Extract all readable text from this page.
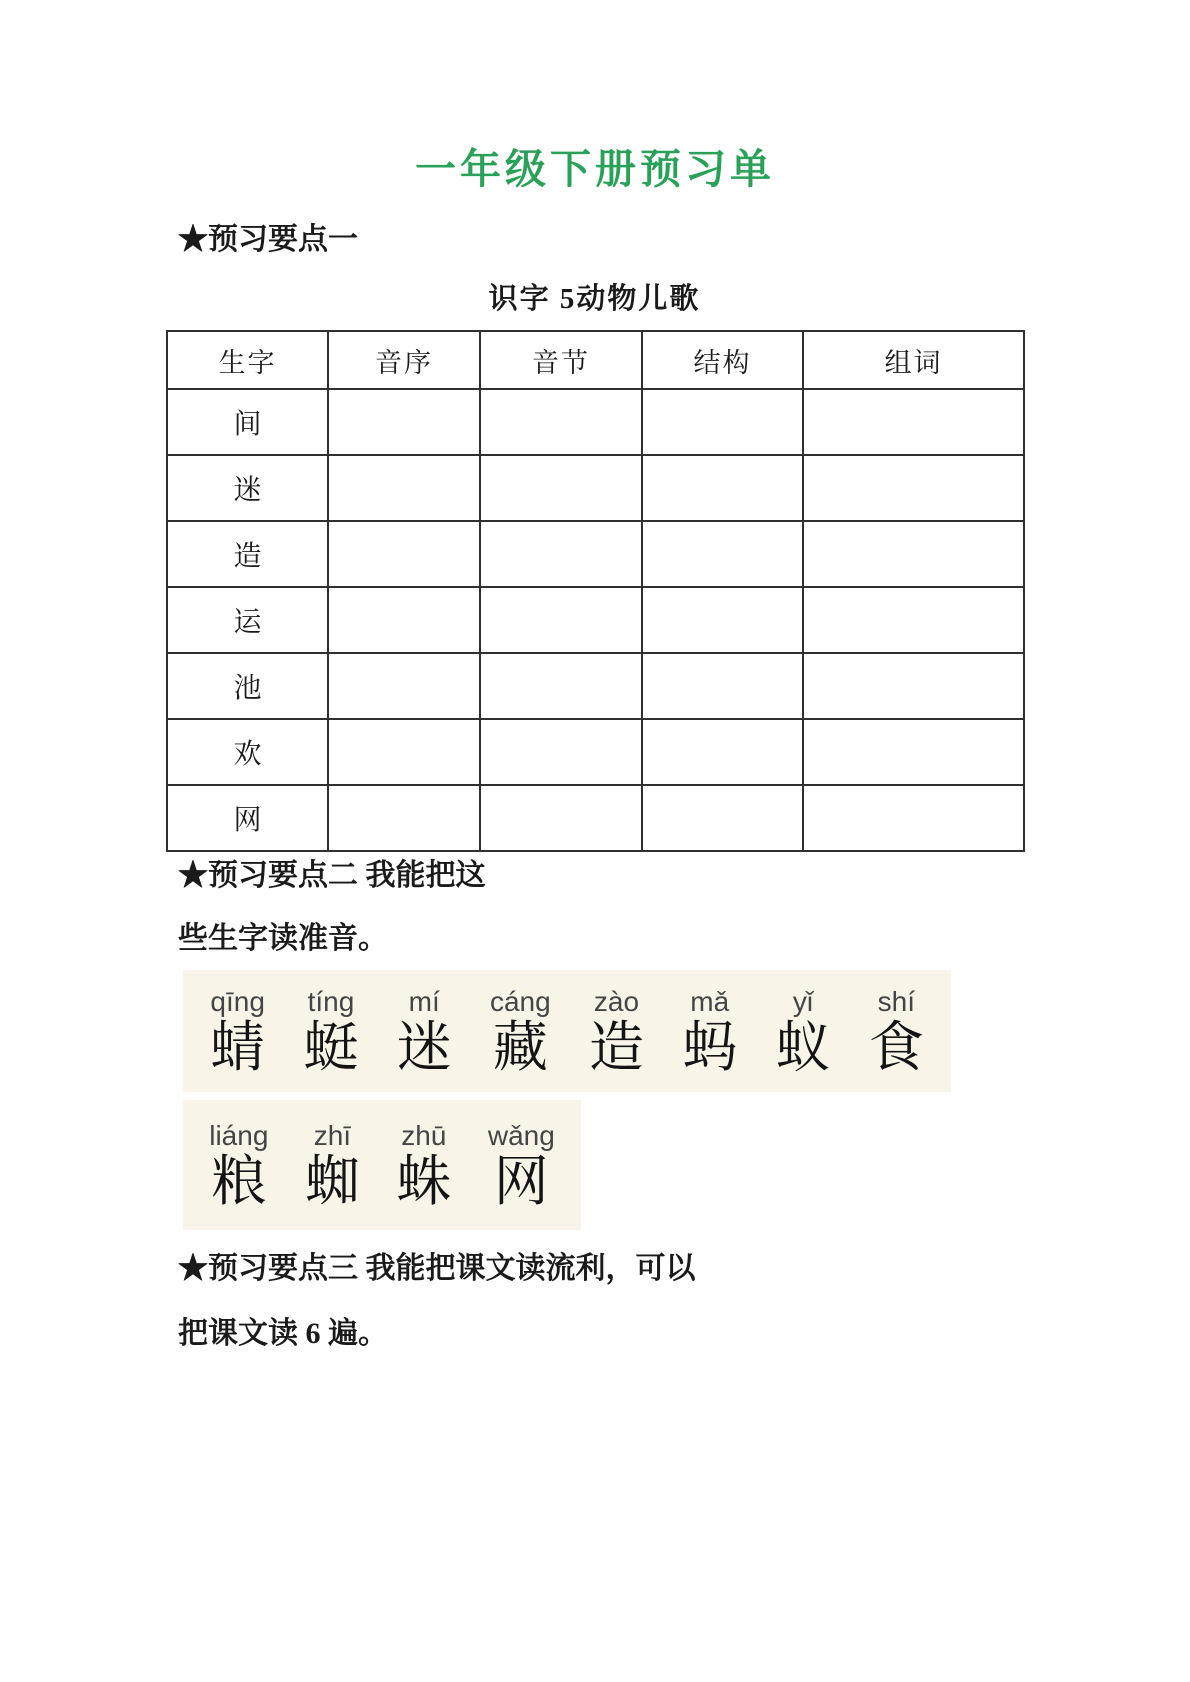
一年级下册预习单
★预习要点一
识字 5动物儿歌
生字	音序	音节	结构	组词
间				
迷				
造				
运				
池				
欢				
网				
★预习要点二 我能把这
些生字读准音。
qīng
蜻
tíng
蜓
mí
迷
cáng
藏
zào
造
mǎ
蚂
yǐ
蚁
shí
食
liáng
粮
zhī
蜘
zhū
蛛
wǎng
网
★预习要点三 我能把课文读流利，可以
把课文读 6 遍。
